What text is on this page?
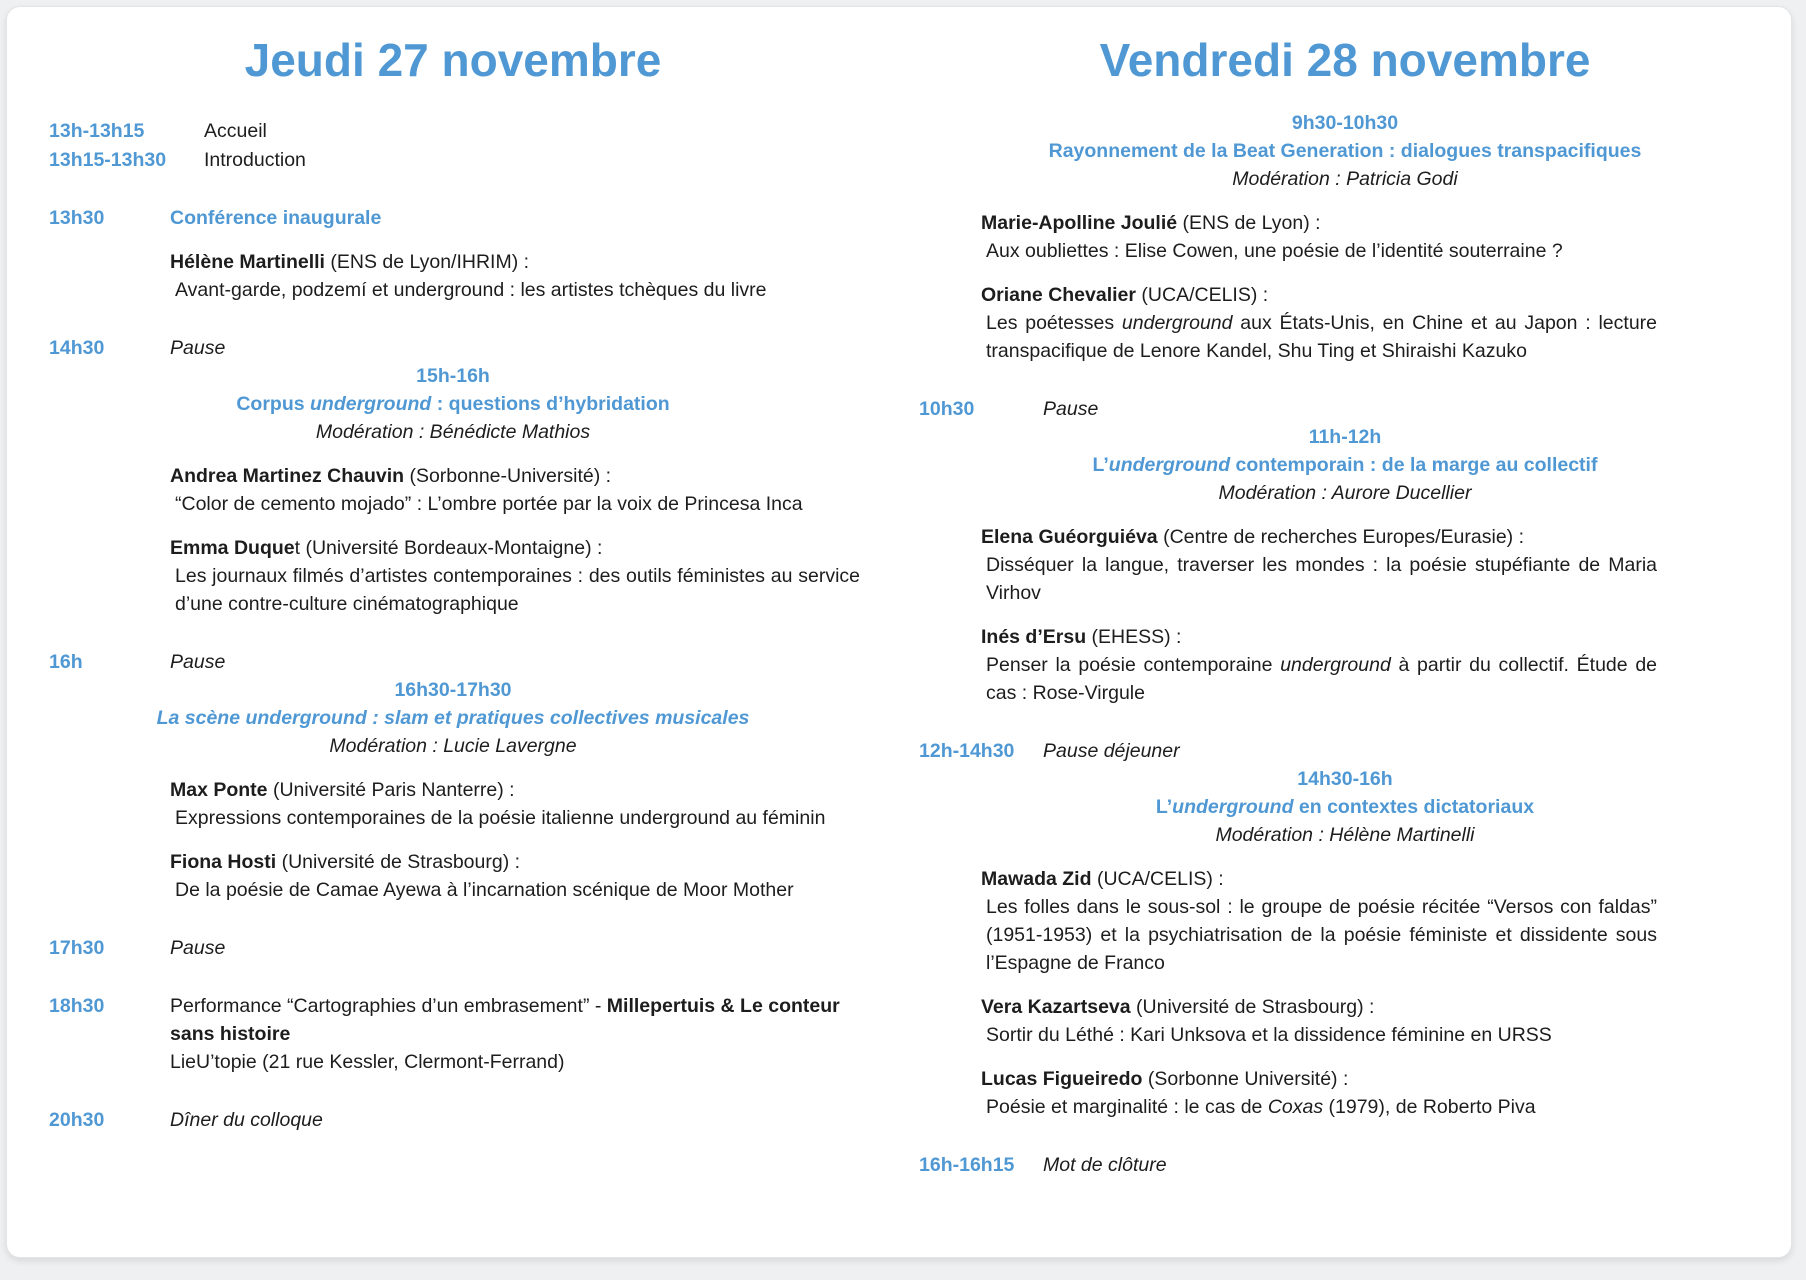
Jeudi 27 novembre
13h-13h15	Accueil
13h15-13h30 Introduction
13h30	Conférence inaugurale
Hélène Martinelli (ENS de Lyon/IHRIM) :
Avant-garde, podzemí et underground : les artistes tchèques du livre
14h30	Pause
15h-16h
Corpus underground : questions d’hybridation
Modération : Bénédicte Mathios
Andrea Martinez Chauvin (Sorbonne-Université) :
“Color de cemento mojado” : L’ombre portée par la voix de Princesa Inca
Emma Duquet (Université Bordeaux-Montaigne) :
Les journaux filmés d’artistes contemporaines : des outils féministes au service d’une contre-culture cinématographique
16h	Pause
16h30-17h30
La scène underground : slam et pratiques collectives musicales
Modération : Lucie Lavergne
Max Ponte (Université Paris Nanterre) :
Expressions contemporaines de la poésie italienne underground au féminin
Fiona Hosti (Université de Strasbourg) :
De la poésie de Camae Ayewa à l’incarnation scénique de Moor Mother
17h30	Pause
18h30	Performance “Cartographies d’un embrasement” - Millepertuis & Le conteur sans histoire
LieU’topie (21 rue Kessler, Clermont-Ferrand)
20h30	Dîner du colloque
Vendredi 28 novembre
9h30-10h30
Rayonnement de la Beat Generation : dialogues transpacifiques
Modération : Patricia Godi
Marie-Apolline Joulié (ENS de Lyon) :
Aux oubliettes : Elise Cowen, une poésie de l’identité souterraine ?
Oriane Chevalier (UCA/CELIS) :
Les poétesses underground aux États-Unis, en Chine et au Japon : lecture transpacifique de Lenore Kandel, Shu Ting et Shiraishi Kazuko
10h30	Pause
11h-12h
L’underground contemporain : de la marge au collectif
Modération : Aurore Ducellier
Elena Guéorguiéva (Centre de recherches Europes/Eurasie) :
Disséquer la langue, traverser les mondes : la poésie stupéfiante de Maria Virhov
Inés d’Ersu (EHESS) :
Penser la poésie contemporaine underground à partir du collectif. Étude de cas : Rose-Virgule
12h-14h30	Pause déjeuner
14h30-16h
L’underground en contextes dictatoriaux
Modération : Hélène Martinelli
Mawada Zid (UCA/CELIS) :
Les folles dans le sous-sol : le groupe de poésie récitée “Versos con faldas” (1951-1953) et la psychiatrisation de la poésie féministe et dissidente sous l’Espagne de Franco
Vera Kazartseva (Université de Strasbourg) :
Sortir du Léthé : Kari Unksova et la dissidence féminine en URSS
Lucas Figueiredo (Sorbonne Université) :
Poésie et marginalité : le cas de Coxas (1979), de Roberto Piva
16h-16h15	Mot de clôture
